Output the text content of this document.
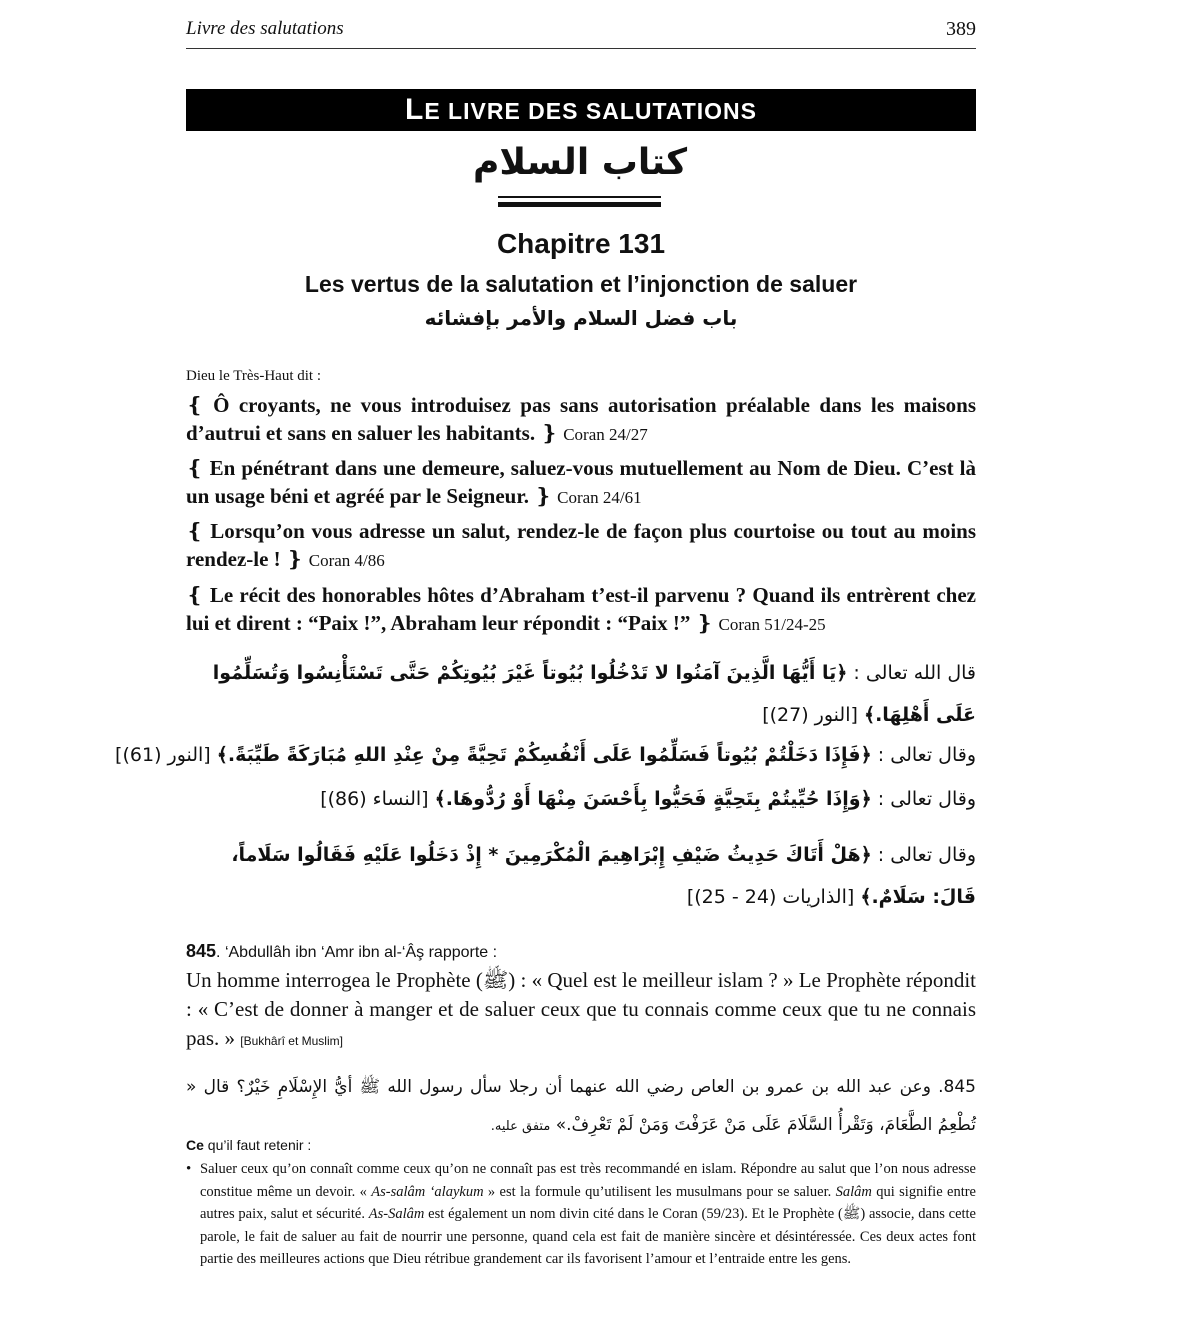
Livre des salutations	389
LE LIVRE DES SALUTATIONS
كتاب السلام
Chapitre 131
Les vertus de la salutation et l’injonction de saluer
باب فضل السلام والأمر بإفشائه
Dieu le Très-Haut dit :
❴ Ô croyants, ne vous introduisez pas sans autorisation préalable dans les maisons d’autrui et sans en saluer les habitants. ❵ Coran 24/27
❴ En pénétrant dans une demeure, saluez-vous mutuellement au Nom de Dieu. C’est là un usage béni et agréé par le Seigneur. ❵ Coran 24/61
❴ Lorsqu’on vous adresse un salut, rendez-le de façon plus courtoise ou tout au moins rendez-le ! ❵ Coran 4/86
❴ Le récit des honorables hôtes d’Abraham t’est-il parvenu ? Quand ils entrèrent chez lui et dirent : “Paix !”, Abraham leur répondit : “Paix !” ❵ Coran 51/24-25
قال الله تعالى : ﴿يَا أَيُّهَا الَّذِينَ آمَنُوا لا تَدْخُلُوا بُيُوتاً غَيْرَ بُيُوتِكُمْ حَتَّى تَسْتَأْنِسُوا وَتُسَلِّمُوا عَلَى أَهْلِهَا.﴾ [النور (27)]
وقال تعالى : ﴿فَإِذَا دَخَلْتُمْ بُيُوتاً فَسَلِّمُوا عَلَى أَنْفُسِكُمْ تَحِيَّةً مِنْ عِنْدِ اللهِ مُبَارَكَةً طَيِّبَةً.﴾ [النور (61)]
وقال تعالى : ﴿وَإِذَا حُيِّيتُمْ بِتَحِيَّةٍ فَحَيُّوا بِأَحْسَنَ مِنْهَا أَوْ رُدُّوهَا.﴾ [النساء (86)]
وقال تعالى : ﴿هَلْ أَتَاكَ حَدِيثُ ضَيْفِ إِبْرَاهِيمَ الْمُكْرَمِينَ * إِذْ دَخَلُوا عَلَيْهِ فَقَالُوا سَلَاماً، قَالَ: سَلَامٌ.﴾ [الذاريات (24 - 25)]
845. ‘Abdullâh ibn ‘Amr ibn al-‘Âş rapporte :
Un homme interrogea le Prophète (ﷺ) : « Quel est le meilleur islam ? » Le Prophète répondit : « C’est de donner à manger et de saluer ceux que tu connais comme ceux que tu ne connais pas. » [Bukhârî et Muslim]
845. وعن عبد الله بن عمرو بن العاص رضي الله عنهما أن رجلا سأل رسول الله ﷺ أيُّ الإِسْلَامِ خَيْرٌ؟ قال « تُطْعِمُ الطَّعَامَ، وَتَقْرأُ السَّلَامَ عَلَى مَنْ عَرَفْتَ وَمَنْ لَمْ تَعْرِفْ.» متفق عليه.
Ce qu’il faut retenir :
• Saluer ceux qu’on connaît comme ceux qu’on ne connaît pas est très recommandé en islam. Répondre au salut que l’on nous adresse constitue même un devoir. « As-salâm ‘alaykum » est la formule qu’utilisent les musulmans pour se saluer. Salâm qui signifie entre autres paix, salut et sécurité. As-Salâm est également un nom divin cité dans le Coran (59/23). Et le Prophète (ﷺ) associe, dans cette parole, le fait de saluer au fait de nourrir une personne, quand cela est fait de manière sincère et désintéressée. Ces deux actes font partie des meilleures actions que Dieu rétribue grandement car ils favorisent l’amour et l’entraide entre les gens.
